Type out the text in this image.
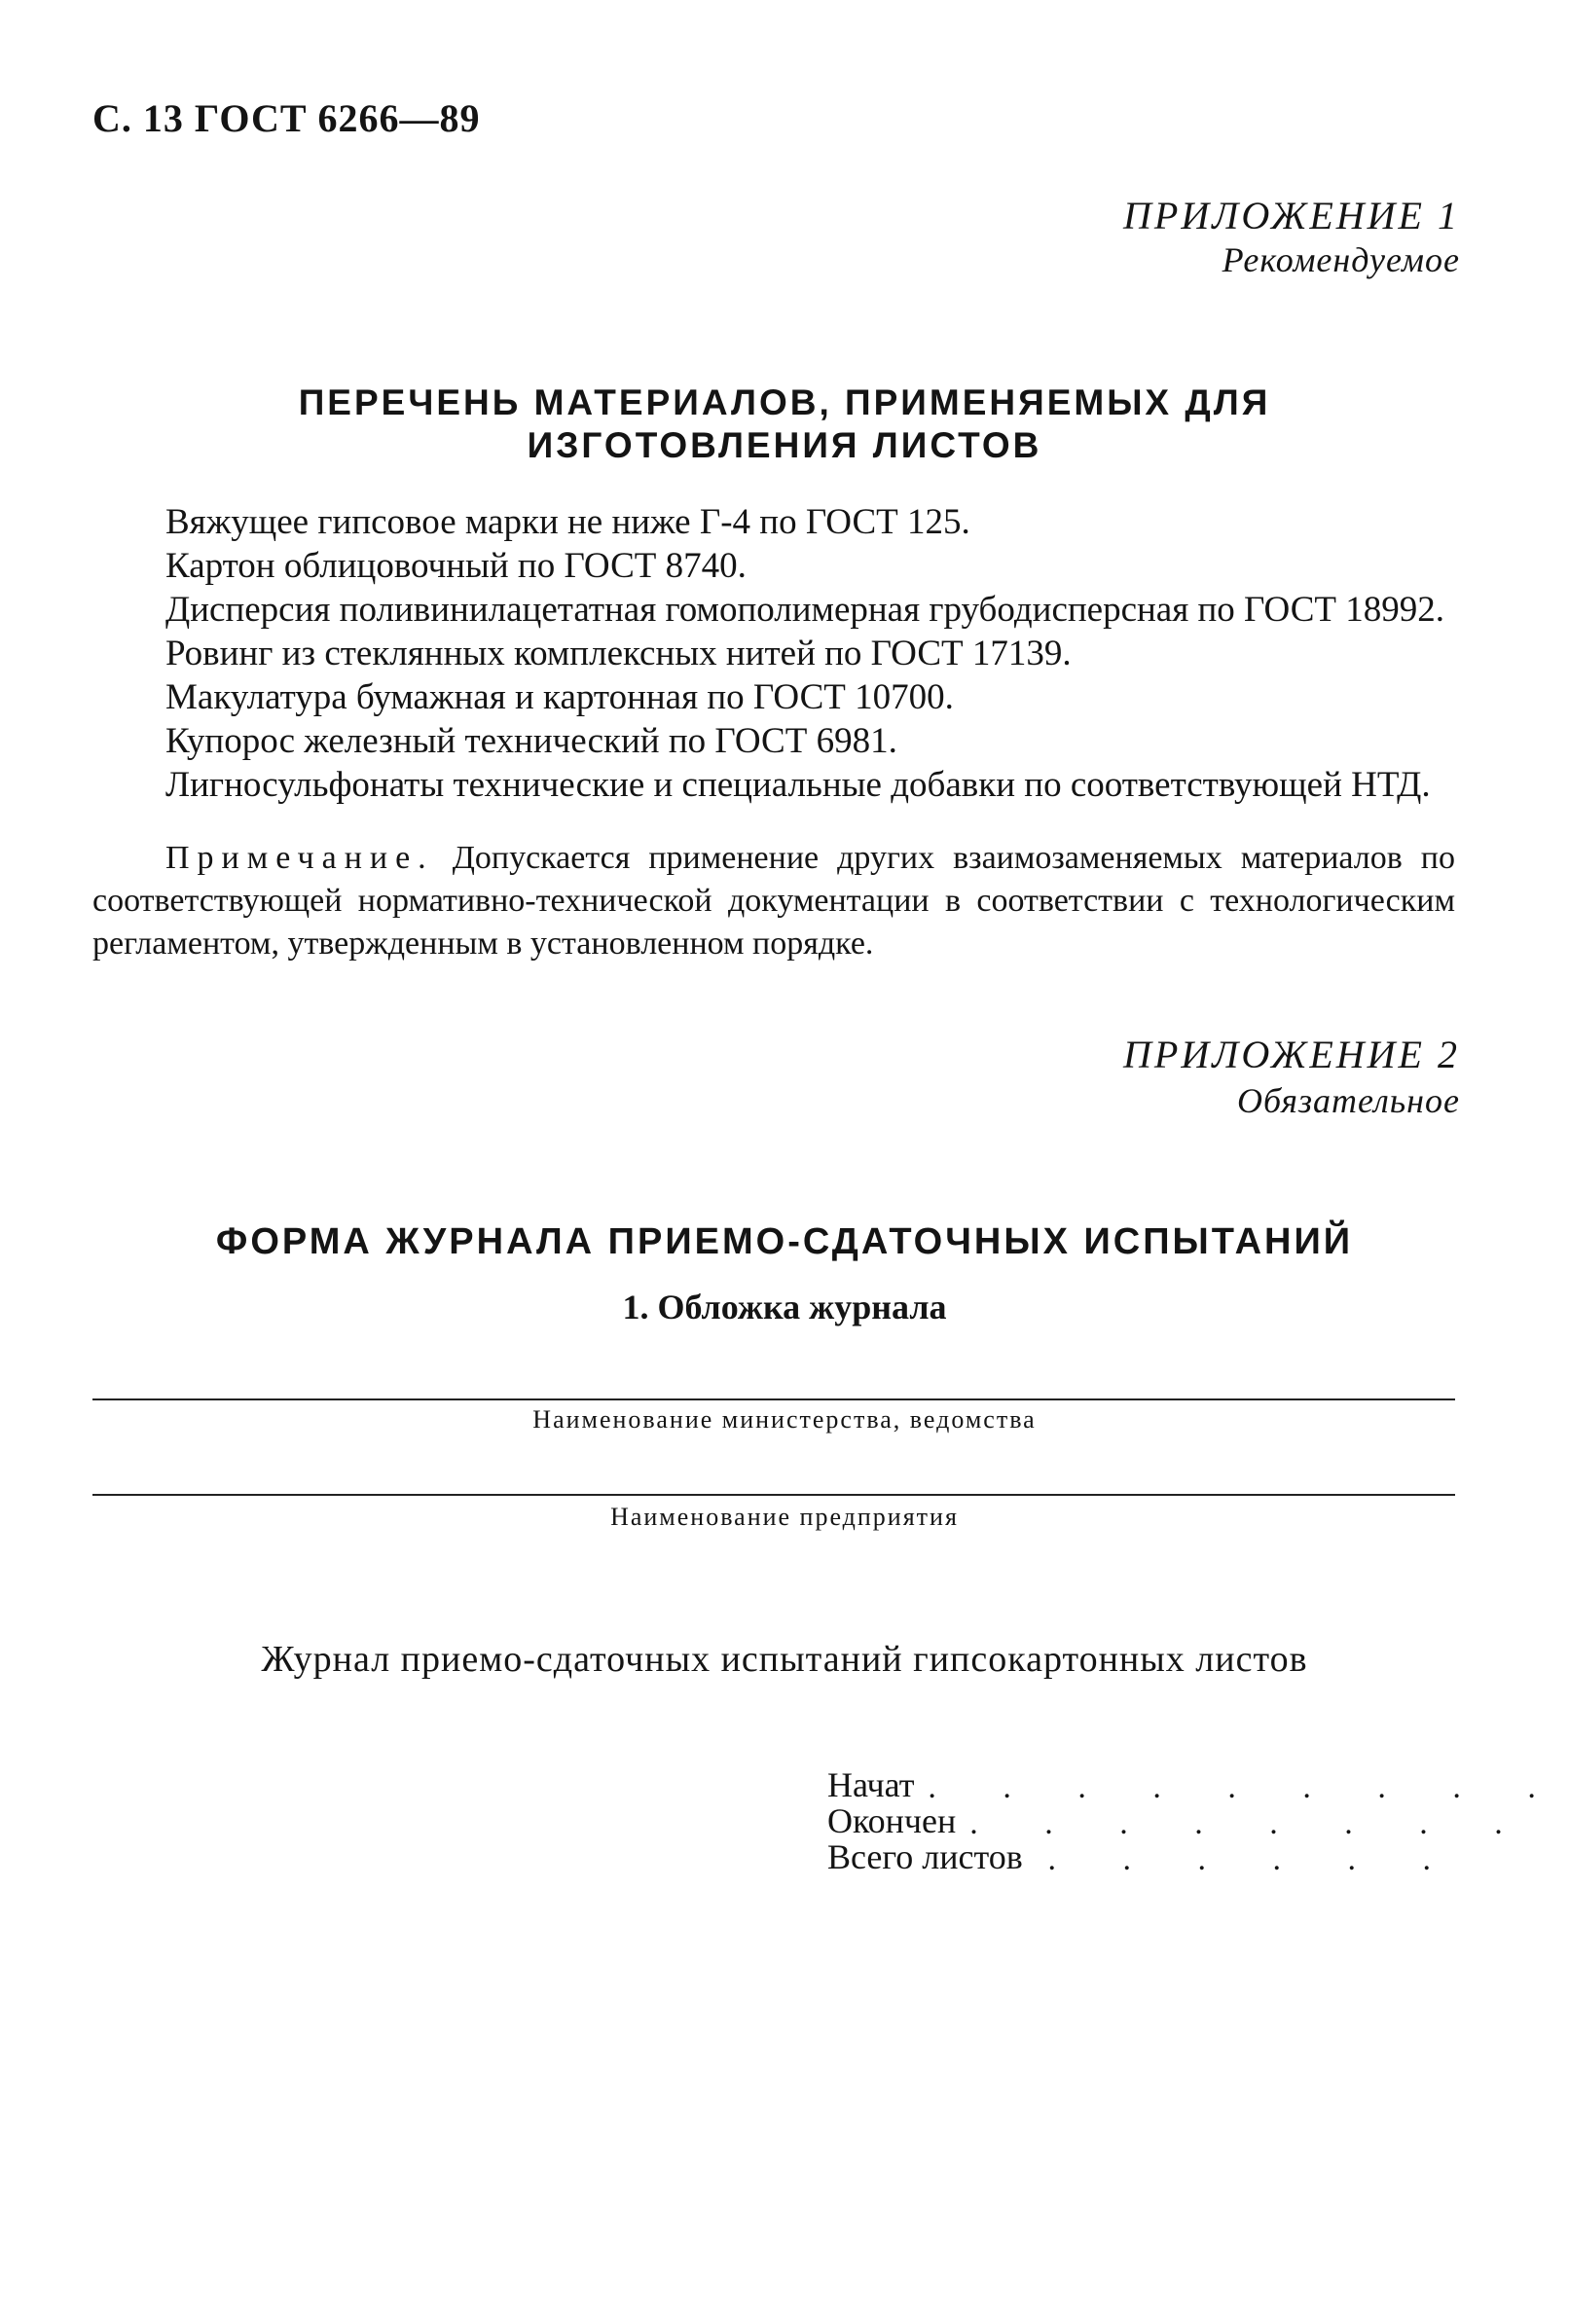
С. 13 ГОСТ 6266—89
ПРИЛОЖЕНИЕ 1
Рекомендуемое
ПЕРЕЧЕНЬ МАТЕРИАЛОВ, ПРИМЕНЯЕМЫХ ДЛЯ
ИЗГОТОВЛЕНИЯ ЛИСТОВ
Вяжущее гипсовое марки не ниже Г-4 по ГОСТ 125.
Картон облицовочный по ГОСТ 8740.
Дисперсия поливинилацетатная гомополимерная грубодисперсная по ГОСТ 18992.
Ровинг из стеклянных комплексных нитей по ГОСТ 17139.
Макулатура бумажная и картонная по ГОСТ 10700.
Купорос железный технический по ГОСТ 6981.
Лигносульфонаты технические и специальные добавки по соответствующей НТД.

Примечание. Допускается применение других взаимозаменяемых материалов по соответствующей нормативно-технической документации в соответствии с технологическим регламентом, утвержденным в установленном порядке.

ПРИЛОЖЕНИЕ 2
Обязательное
ФОРМА ЖУРНАЛА ПРИЕМО-СДАТОЧНЫХ ИСПЫТАНИЙ
1. Обложка журнала
Наименование министерства, ведомства
Наименование предприятия
Журнал приемо-сдаточных испытаний гипсокартонных листов
Начат . . . . . . . . .
Окончен . . . . . . . .
Всего листов . . . . . .
